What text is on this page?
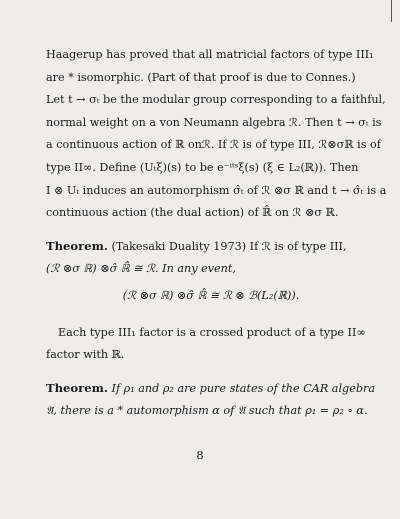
Haagerup has proved that all matricial factors of type III₁
are * isomorphic. (Part of that proof is due to Connes.)
Let t → σₜ be the modular group corresponding to a faithful,
normal weight on a von Neumann algebra ℛ. Then t → σₜ is
a continuous action of ℝ onℛ. If ℛ is of type III, ℛ⊗σℝ is of
type II∞. Define (Uₜξ)(s) to be e⁻ⁱᵗˢξ(s) (ξ ∈ L₂(ℝ)). Then
I ⊗ Uₜ induces an automorphism σ̂ₜ of ℛ ⊗σ ℝ and t → σ̂ₜ is a
continuous action (the dual action) of ℝ̂ on ℛ ⊗σ ℝ.
Theorem. (Takesaki Duality 1973) If ℛ is of type III,
(ℛ ⊗σ ℝ) ⊗σ̂ ℝ̂ ≅ ℛ. In any event,
(ℛ ⊗σ ℝ) ⊗σ̂ ℝ̂ ≅ ℛ ⊗ ℬ(L₂(ℝ)).
Each type III₁ factor is a crossed product of a type II∞
factor with ℝ.
Theorem. If ρ₁ and ρ₂ are pure states of the CAR algebra
𝔄, there is a * automorphism α of 𝔄 such that ρ₁ = ρ₂ ∘ α.
8
